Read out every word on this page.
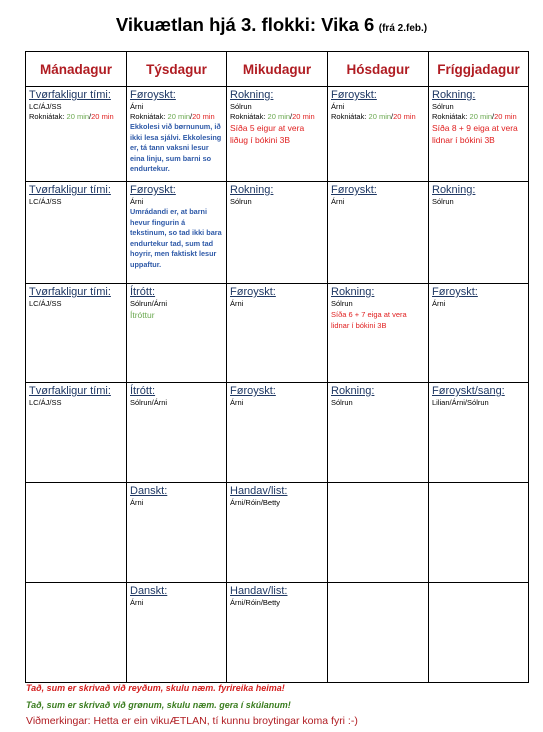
Vikuætlan hjá 3. flokki: Vika 6 (frá 2.feb.)
Mánadagur	Týsdagur	Mikudagur	Hósdagur	Fríggjadagur

Tvørfakligur tími:
LC/ÁJ/SS
Rokniátak: 20 min/20 min	Føroyskt:
Árni
Rokniátak: 20 min/20 min
Ekkolesi við børnunum, ið ikki lesa sjálvi. Ekkolesing er, tá tann vaksni lesur eina linju, sum barni so endurtekur.	Rokning:
Sólrun
Rokniátak: 20 min/20 min
Síða 5 eigur at vera liðug í bókini 3B	Føroyskt:
Árni
Rokniátak: 20 min/20 min	Rokning:
Sólrun
Rokniátak: 20 min/20 min
Síða 8 + 9 eiga at vera lidnar í bókini 3B

Tvørfakligur tími:
LC/ÁJ/SS	Føroyskt:
Árni
Umrádandi er, at barni hevur fingurin á tekstinum, so tad ikki bara endurtekur tad, sum tad hoyrir, men faktiskt lesur uppaftur.	Rokning:
Sólrun	Føroyskt:
Árni	Rokning:
Sólrun

Tvørfakligur tími:
LC/ÁJ/SS	Ítrótt:
Sólrun/Árni
Ítróttur	Føroyskt:
Árni	Rokning:
Sólrun
Síða 6 + 7 eiga at vera lidnar í bókini 3B	Føroyskt:
Árni

Tvørfakligur tími:
LC/ÁJ/SS	Ítrótt:
Sólrun/Árni	Føroyskt:
Árni	Rokning:
Sólrun	Føroyskt/sang:
Lilian/Árni/Sólrun

	Danskt:
Árni	Handav/list:
Árni/Róin/Betty		

	Danskt:
Árni	Handav/list:
Árni/Róin/Betty		

Tað, sum er skrivað við reyðum, skulu næm. fyrireika heima!
Tað, sum er skrivað við grønum, skulu næm. gera í skúlanum!
Viðmerkingar: Hetta er ein vikuÆTLAN, tí kunnu broytingar koma fyri :-)
